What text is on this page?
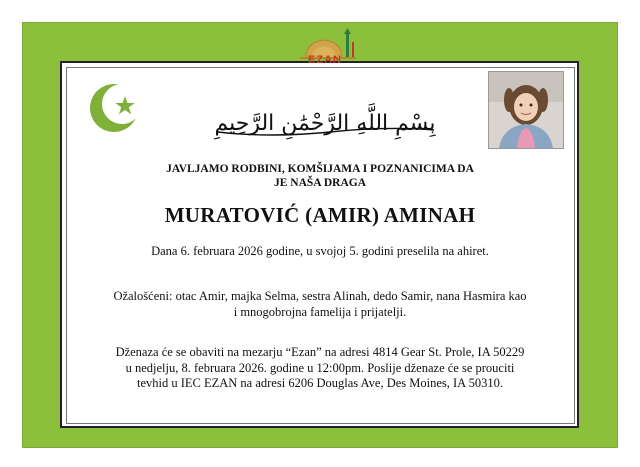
EZAN
بِسْمِ اللَّهِ الرَّحْمَٰنِ الرَّحِيمِ
JAVLJAMO RODBINI, KOMŠIJAMA I POZNANICIMA DA
JE NAŠA DRAGA
MURATOVIĆ (AMIR) AMINAH
Dana 6. februara 2026 godine, u svojoj 5. godini preselila na ahiret.
Ožalošćeni: otac Amir, majka Selma, sestra Alinah, dedo Samir, nana Hasmira kao
i mnogobrojna famelija i prijatelji.
Dženaza će se obaviti na mezarju “Ezan” na adresi 4814 Gear St. Prole, IA 50229
u nedjelju, 8. februara 2026. godine u 12:00pm. Poslije dženaze će se prouciti
tevhid u IEC EZAN na adresi 6206 Douglas Ave, Des Moines, IA 50310.
